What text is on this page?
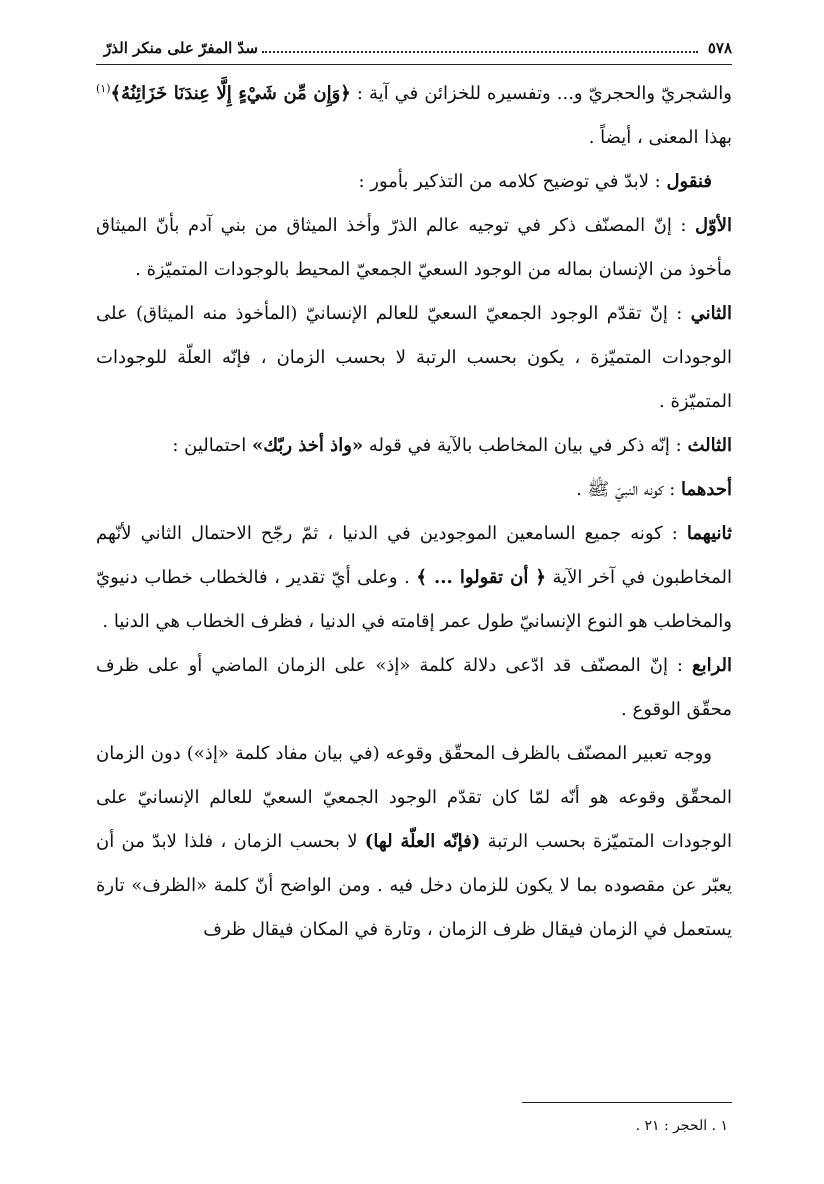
٥٧٨
سدّ المفرّ على منكر الذرّ

والشجريّ والحجريّ و... وتفسيره للخزائن في آية : ﴿وَإِن مِّن شَيْءٍ إِلَّا عِندَنَا خَزَائِنُهُ﴾$^{(١)}$ بهذا المعنى ، أيضاً .

فنقول : لابدّ في توضيح كلامه من التذكير بأمور :

الأوّل : إنّ المصنّف ذكر في توجيه عالم الذرّ وأخذ الميثاق من بني آدم بأنّ الميثاق مأخوذ من الإنسان بماله من الوجود السعيّ الجمعيّ المحيط بالوجودات المتميّزة .

الثاني : إنّ تقدّم الوجود الجمعيّ السعيّ للعالم الإنسانيّ (المأخوذ منه الميثاق) على الوجودات المتميّزة ، يكون بحسب الرتبة لا بحسب الزمان ، فإنّه العلّة للوجودات المتميّزة .

الثالث : إنّه ذكر في بيان المخاطب بالآية في قوله «واذ أخذ ربّك» احتمالين :

أحدهما : كونه النبيّ ﷺ .

ثانيهما : كونه جميع السامعين الموجودين في الدنيا ، ثمّ رجّح الاحتمال الثاني لأنّهم المخاطبون في آخر الآية ﴿ أن تقولوا ... ﴾ . وعلى أيّ تقدير ، فالخطاب خطاب دنيويّ والمخاطب هو النوع الإنسانيّ طول عمر إقامته في الدنيا ، فظرف الخطاب هي الدنيا .

الرابع : إنّ المصنّف قد ادّعى دلالة كلمة «إذ» على الزمان الماضي أو على ظرف محقّق الوقوع .

ووجه تعبير المصنّف بالظرف المحقّق وقوعه (في بيان مفاد كلمة «إذ») دون الزمان المحقّق وقوعه هو أنّه لمّا كان تقدّم الوجود الجمعيّ السعيّ للعالم الإنسانيّ على الوجودات المتميّزة بحسب الرتبة (فإنّه العلّة لها) لا بحسب الزمان ، فلذا لابدّ من أن يعبّر عن مقصوده بما لا يكون للزمان دخل فيه . ومن الواضح أنّ كلمة «الظرف» تارة يستعمل في الزمان فيقال ظرف الزمان ، وتارة في المكان فيقال ظرف

١ . الحجر : ٢١ .
